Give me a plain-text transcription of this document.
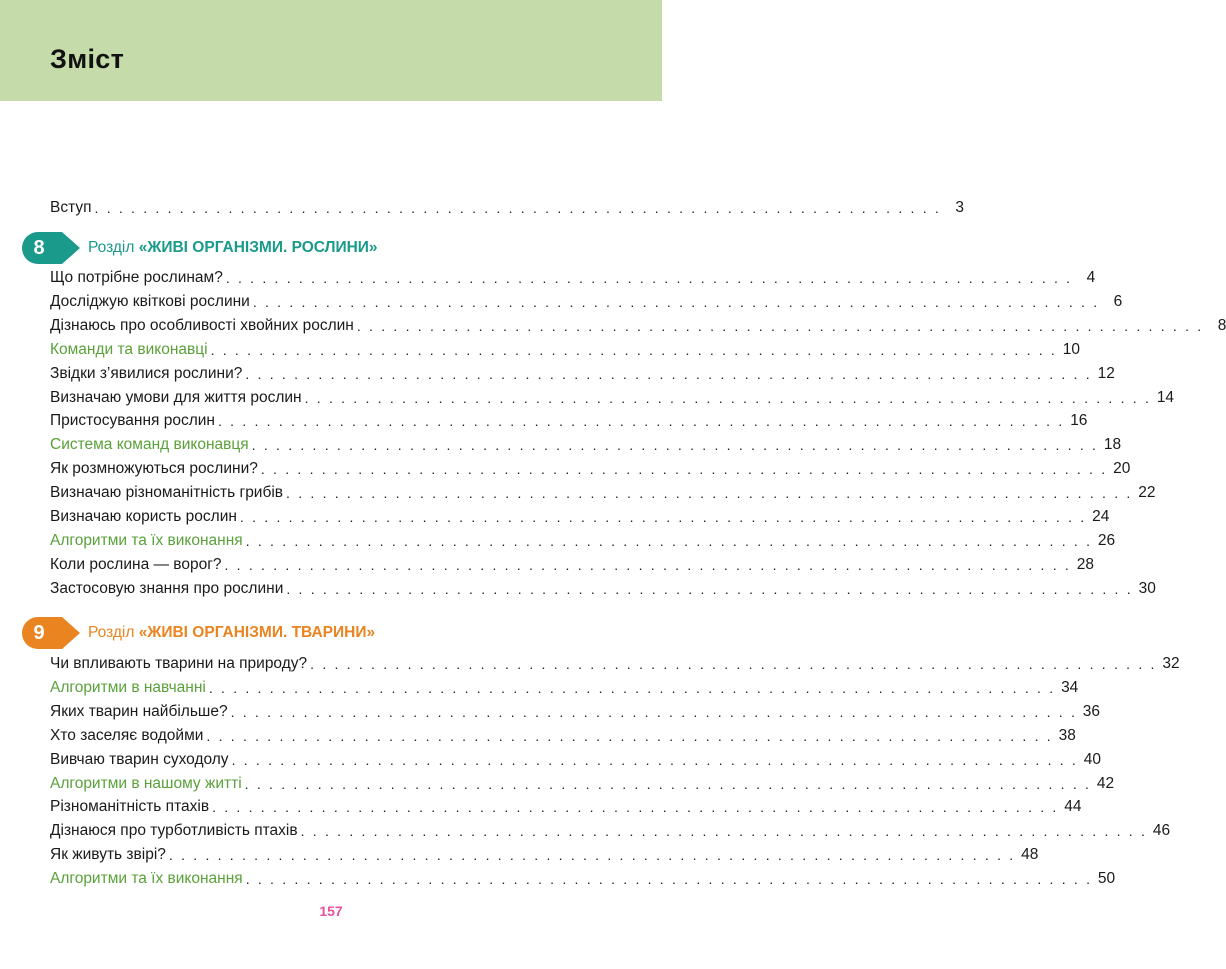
Зміст
Вступ . . . . . . . . . . . . . . . . . . . . . . . . . . . . . . . . . . . . . . . . . . . . . . . . . . . . . . . . . . . . . . . . . . . . . . 3
8	Розділ «ЖИВІ ОРГАНІЗМИ. РОСЛИНИ»
Що потрібне рослинам? . . . . . . . . . . . . . . . . . . . . . . . . . . . . . . . . . . . . . . . . . . . . . . . . . . . . . . . . . . . . . . . . . . . . . . 4
Досліджую квіткові рослини . . . . . . . . . . . . . . . . . . . . . . . . . . . . . . . . . . . . . . . . . . . . . . . . . . . . . . . . . . . . . . . . . . . . . . 6
Дізнаюсь про особливості хвойних рослин . . . . . . . . . . . . . . . . . . . . . . . . . . . . . . . . . . . . . . . . . . . . . . . . . . . . . . . . . . . . . . . . . . . . . . 8
Команди та виконавці . . . . . . . . . . . . . . . . . . . . . . . . . . . . . . . . . . . . . . . . . . . . . . . . . . . . . . . . . . . . . . . . . . . . . . 10
Звідки з’явилися рослини? . . . . . . . . . . . . . . . . . . . . . . . . . . . . . . . . . . . . . . . . . . . . . . . . . . . . . . . . . . . . . . . . . . . . . . 12
Визначаю умови для життя рослин . . . . . . . . . . . . . . . . . . . . . . . . . . . . . . . . . . . . . . . . . . . . . . . . . . . . . . . . . . . . . . . . . . . . . . 14
Пристосування рослин . . . . . . . . . . . . . . . . . . . . . . . . . . . . . . . . . . . . . . . . . . . . . . . . . . . . . . . . . . . . . . . . . . . . . . 16
Система команд виконавця . . . . . . . . . . . . . . . . . . . . . . . . . . . . . . . . . . . . . . . . . . . . . . . . . . . . . . . . . . . . . . . . . . . . . . 18
Як розмножуються рослини? . . . . . . . . . . . . . . . . . . . . . . . . . . . . . . . . . . . . . . . . . . . . . . . . . . . . . . . . . . . . . . . . . . . . . . 20
Визначаю різноманітність грибів . . . . . . . . . . . . . . . . . . . . . . . . . . . . . . . . . . . . . . . . . . . . . . . . . . . . . . . . . . . . . . . . . . . . . . 22
Визначаю користь рослин . . . . . . . . . . . . . . . . . . . . . . . . . . . . . . . . . . . . . . . . . . . . . . . . . . . . . . . . . . . . . . . . . . . . . . 24
Алгоритми та їх виконання . . . . . . . . . . . . . . . . . . . . . . . . . . . . . . . . . . . . . . . . . . . . . . . . . . . . . . . . . . . . . . . . . . . . . . 26
Коли рослина — ворог? . . . . . . . . . . . . . . . . . . . . . . . . . . . . . . . . . . . . . . . . . . . . . . . . . . . . . . . . . . . . . . . . . . . . . . 28
Застосовую знання про рослини . . . . . . . . . . . . . . . . . . . . . . . . . . . . . . . . . . . . . . . . . . . . . . . . . . . . . . . . . . . . . . . . . . . . . . 30
9	Розділ «ЖИВІ ОРГАНІЗМИ. ТВАРИНИ»
Чи впливають тварини на природу? . . . . . . . . . . . . . . . . . . . . . . . . . . . . . . . . . . . . . . . . . . . . . . . . . . . . . . . . . . . . . . . . . . . . . . 32
Алгоритми в навчанні . . . . . . . . . . . . . . . . . . . . . . . . . . . . . . . . . . . . . . . . . . . . . . . . . . . . . . . . . . . . . . . . . . . . . . 34
Яких тварин найбільше? . . . . . . . . . . . . . . . . . . . . . . . . . . . . . . . . . . . . . . . . . . . . . . . . . . . . . . . . . . . . . . . . . . . . . . 36
Хто заселяє водойми . . . . . . . . . . . . . . . . . . . . . . . . . . . . . . . . . . . . . . . . . . . . . . . . . . . . . . . . . . . . . . . . . . . . . . 38
Вивчаю тварин суходолу . . . . . . . . . . . . . . . . . . . . . . . . . . . . . . . . . . . . . . . . . . . . . . . . . . . . . . . . . . . . . . . . . . . . . . 40
Алгоритми в нашому житті . . . . . . . . . . . . . . . . . . . . . . . . . . . . . . . . . . . . . . . . . . . . . . . . . . . . . . . . . . . . . . . . . . . . . . 42
Різноманітність птахів . . . . . . . . . . . . . . . . . . . . . . . . . . . . . . . . . . . . . . . . . . . . . . . . . . . . . . . . . . . . . . . . . . . . . . 44
Дізнаюся про турботливість птахів . . . . . . . . . . . . . . . . . . . . . . . . . . . . . . . . . . . . . . . . . . . . . . . . . . . . . . . . . . . . . . . . . . . . . . 46
Як живуть звірі? . . . . . . . . . . . . . . . . . . . . . . . . . . . . . . . . . . . . . . . . . . . . . . . . . . . . . . . . . . . . . . . . . . . . . . 48
Алгоритми та їх виконання . . . . . . . . . . . . . . . . . . . . . . . . . . . . . . . . . . . . . . . . . . . . . . . . . . . . . . . . . . . . . . . . . . . . . . 50
157
